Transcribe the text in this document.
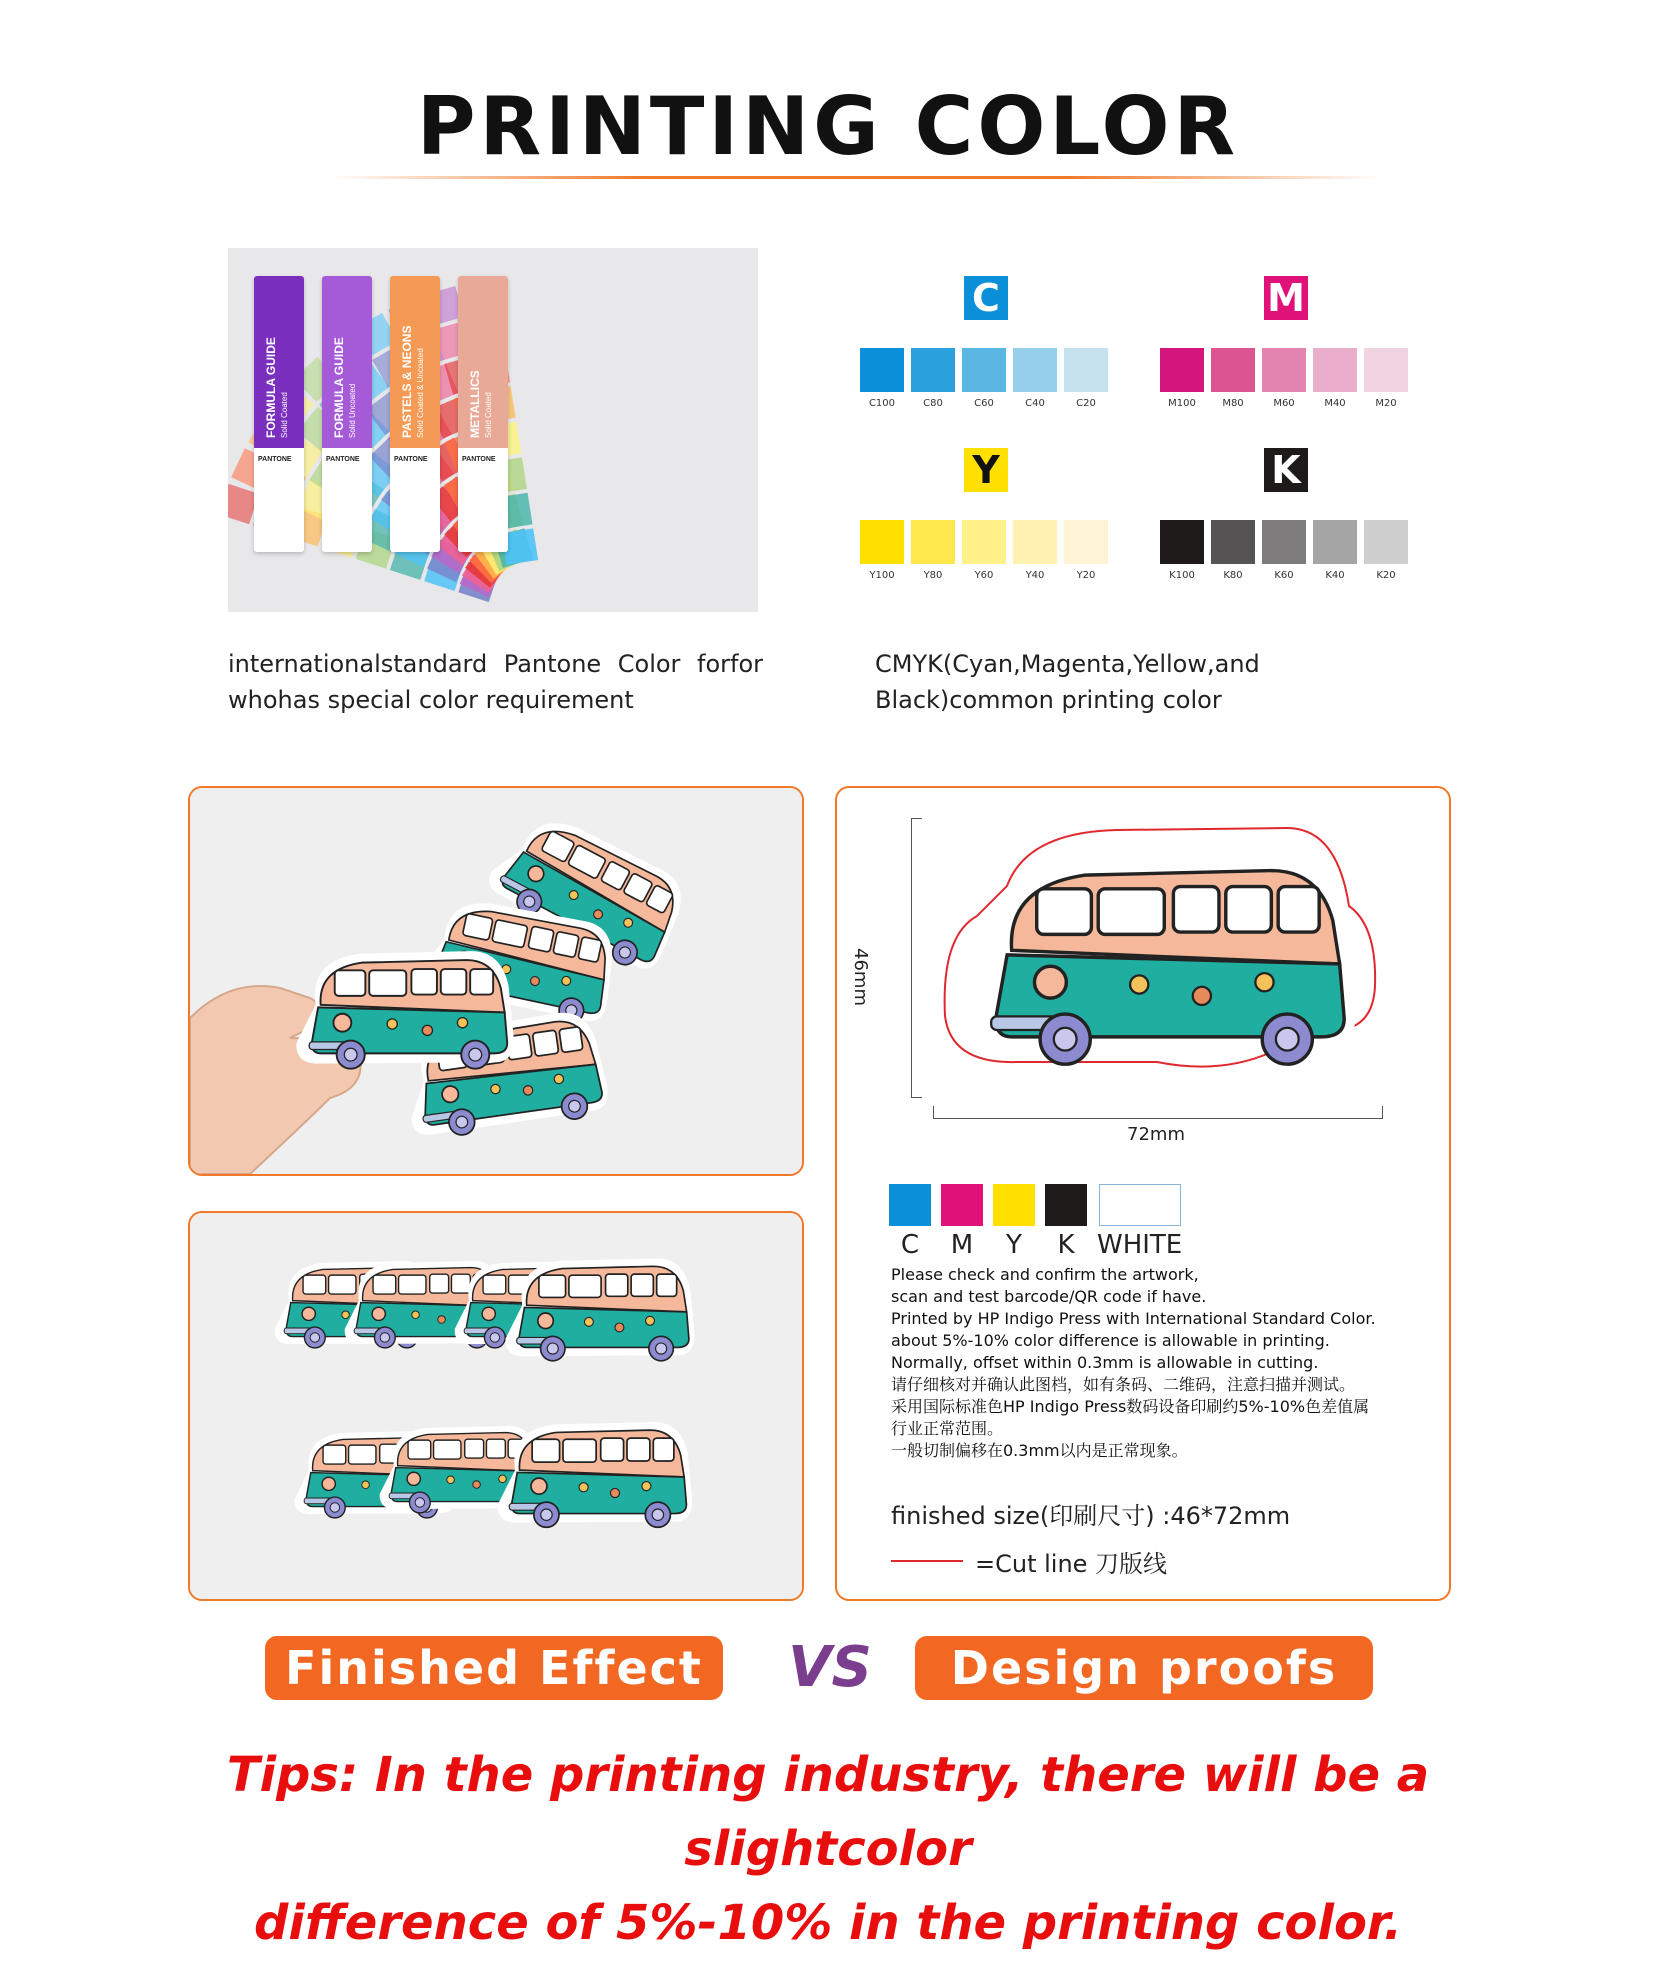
PRINTING COLOR
FORMULA GUIDE Solid Coated
PANTONE
FORMULA GUIDE Solid Uncoated
PANTONE
PASTELS & NEONS Solid Coated & Uncoated
PANTONE
METALLICS Solid Coated
PANTONE
C
C100	C80	C60	C40	C20
M
M100	M80	M60	M40	M20
Y
Y100	Y80	Y60	Y40	Y20
K
K100	K80	K60	K40	K20
internationalstandard Pantone Color forfor whohas special color requirement
CMYK(Cyan,Magenta,Yellow,and Black)common printing color
46mm
72mm
C M Y K WHITE
Please check and confirm the artwork,
scan and test barcode/QR code if have.
Printed by HP Indigo Press with International Standard Color.
about 5%-10% color difference is allowable in printing.
Normally, offset within 0.3mm is allowable in cutting.
请仔细核对并确认此图档，如有条码、二维码，注意扫描并测试。
采用国际标准色HP Indigo Press数码设备印刷约5%-10%色差值属
行业正常范围。
一般切制偏移在0.3mm以内是正常现象。
finished size(印刷尺寸) :46*72mm
=Cut line 刀版线
Finished Effect	VS	Design proofs
Tips: In the printing industry, there will be a slightcolor
difference of 5%-10% in the printing color.
